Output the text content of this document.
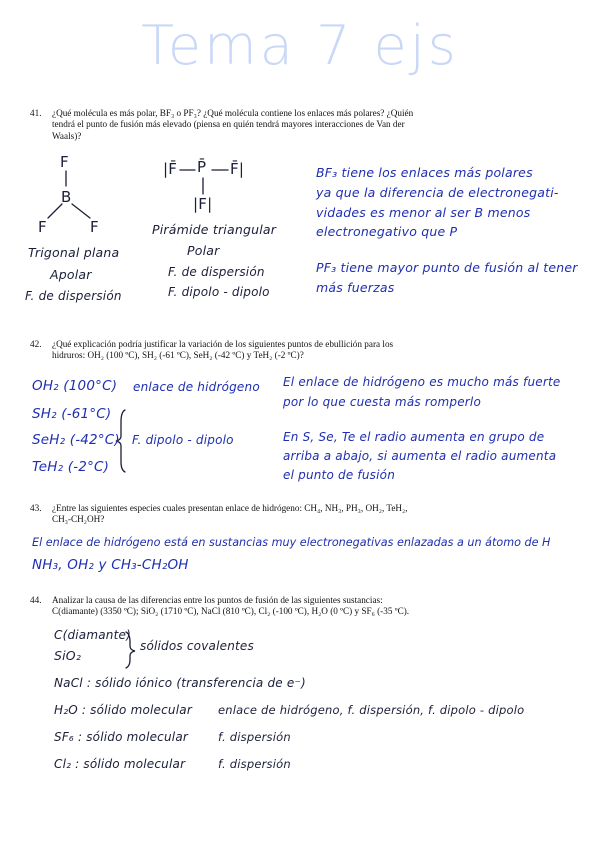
Tema 7 ejs
41. ¿Qué molécula es más polar, BF₃ o PF₃? ¿Qué molécula contiene los enlaces más polares? ¿Quién
tendrá el punto de fusión más elevado (piensa en quién tendrá mayores interacciones de Van der
Waals)?
F
B
F	F
|F̄ P̄ F̄|
|F|
Trigonal plana
Apolar
F. de dispersión
Pirámide triangular
Polar
F. de dispersión
F. dipolo - dipolo
BF₃ tiene los enlaces más polares
ya que la diferencia de electronegati-
vidades es menor al ser B menos
electronegativo que P
PF₃ tiene mayor punto de fusión al tener
más fuerzas
42. ¿Qué explicación podría justificar la variación de los siguientes puntos de ebullición para los
hidruros: OH₂ (100 ºC), SH₂ (-61 ºC), SeH₂ (-42 ºC) y TeH₂ (-2 ºC)?
OH₂ (100°C) enlace de hidrógeno
SH₂ (-61°C)
SeH₂ (-42°C)
TeH₂ (-2°C)
F. dipolo - dipolo
El enlace de hidrógeno es mucho más fuerte
por lo que cuesta más romperlo
En S, Se, Te el radio aumenta en grupo de
arriba a abajo, si aumenta el radio aumenta
el punto de fusión
43. ¿Entre las siguientes especies cuales presentan enlace de hidrógeno: CH₄, NH₃, PH₃, OH₂, TeH₂,
CH₃-CH₂OH?
El enlace de hidrógeno está en sustancias muy electronegativas enlazadas a un átomo de H
NH₃, OH₂ y CH₃-CH₂OH
44. Analizar la causa de las diferencias entre los puntos de fusión de las siguientes sustancias:
C(diamante) (3350 ºC); SiO₂ (1710 ºC), NaCl (810 ºC), Cl₂ (-100 ºC), H₂O (0 ºC) y SF₆ (-35 ºC).
C(diamante)
SiO₂
sólidos covalentes
NaCl : sólido iónico (transferencia de e⁻)
H₂O : sólido molecular enlace de hidrógeno, f. dispersión, f. dipolo - dipolo
SF₆ : sólido molecular	f. dispersión
Cl₂ : sólido molecular	f. dispersión
